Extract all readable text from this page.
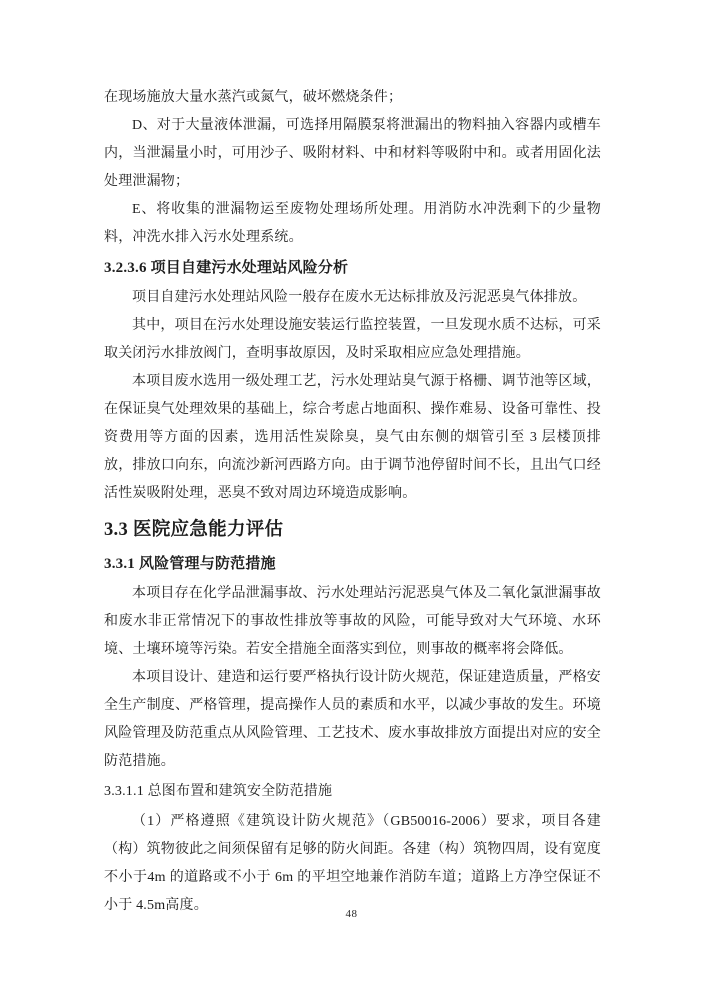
在现场施放大量水蒸汽或氮气，破坏燃烧条件；
D、对于大量液体泄漏，可选择用隔膜泵将泄漏出的物料抽入容器内或槽车内，当泄漏量小时，可用沙子、吸附材料、中和材料等吸附中和。或者用固化法处理泄漏物；
E、将收集的泄漏物运至废物处理场所处理。用消防水冲洗剩下的少量物料，冲洗水排入污水处理系统。
3.2.3.6 项目自建污水处理站风险分析
项目自建污水处理站风险一般存在废水无达标排放及污泥恶臭气体排放。
其中，项目在污水处理设施安装运行监控装置，一旦发现水质不达标，可采取关闭污水排放阀门，查明事故原因，及时采取相应应急处理措施。
本项目废水选用一级处理工艺，污水处理站臭气源于格栅、调节池等区域，在保证臭气处理效果的基础上，综合考虑占地面积、操作难易、设备可靠性、投资费用等方面的因素，选用活性炭除臭，臭气由东侧的烟管引至 3 层楼顶排放，排放口向东，向流沙新河西路方向。由于调节池停留时间不长，且出气口经活性炭吸附处理，恶臭不致对周边环境造成影响。
3.3 医院应急能力评估
3.3.1 风险管理与防范措施
本项目存在化学品泄漏事故、污水处理站污泥恶臭气体及二氧化氯泄漏事故和废水非正常情况下的事故性排放等事故的风险，可能导致对大气环境、水环境、土壤环境等污染。若安全措施全面落实到位，则事故的概率将会降低。
本项目设计、建造和运行要严格执行设计防火规范，保证建造质量，严格安全生产制度、严格管理，提高操作人员的素质和水平，以减少事故的发生。环境风险管理及防范重点从风险管理、工艺技术、废水事故排放方面提出对应的安全防范措施。
3.3.1.1 总图布置和建筑安全防范措施
（1）严格遵照《建筑设计防火规范》（GB50016-2006）要求，项目各建（构）筑物彼此之间须保留有足够的防火间距。各建（构）筑物四周，设有宽度不小于4m 的道路或不小于 6m 的平坦空地兼作消防车道；道路上方净空保证不小于 4.5m高度。
48
